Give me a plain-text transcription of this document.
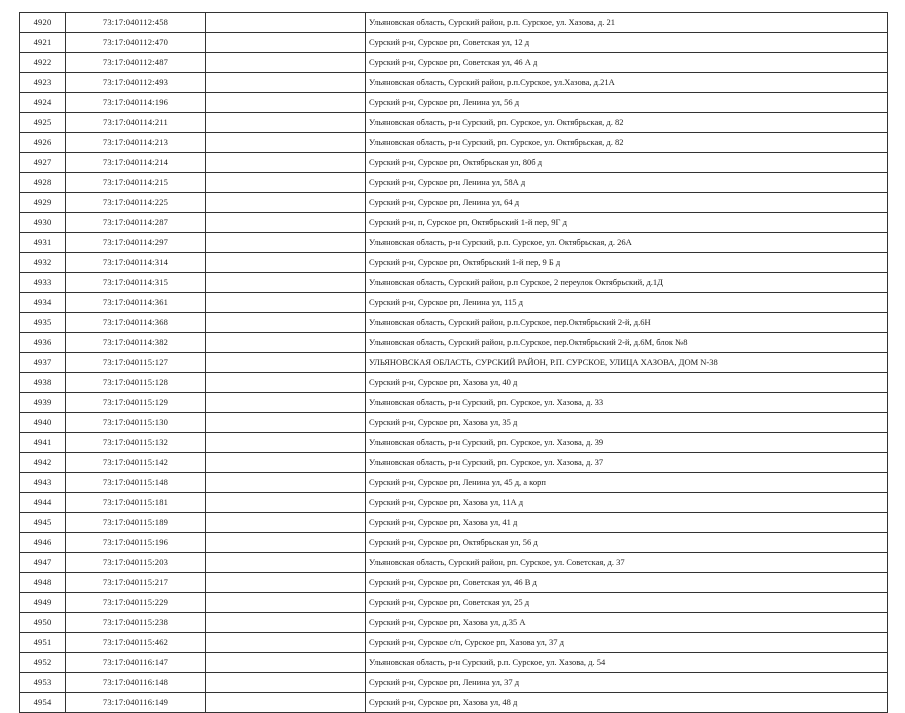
4920	73:17:040112:458		Ульяновская область, Сурский район, р.п. Сурское, ул. Хазова, д. 21
4921	73:17:040112:470		Сурский р-н, Сурское рп, Советская ул, 12 д
4922	73:17:040112:487		Сурский р-н, Сурское рп, Советская ул, 46 А д
4923	73:17:040112:493		Ульяновская область, Сурский район, р.п.Сурское, ул.Хазова, д.21А
4924	73:17:040114:196		Сурский р-н, Сурское рп, Ленина ул, 56 д
4925	73:17:040114:211		Ульяновская область, р-н Сурский, рп. Сурское, ул. Октябрьская, д. 82
4926	73:17:040114:213		Ульяновская область, р-н Сурский, рп. Сурское, ул. Октябрьская, д. 82
4927	73:17:040114:214		Сурский р-н, Сурское рп, Октябрьская ул, 80б д
4928	73:17:040114:215		Сурский р-н, Сурское рп, Ленина ул, 58А д
4929	73:17:040114:225		Сурский р-н, Сурское рп, Ленина ул, 64 д
4930	73:17:040114:287		Сурский р-н, п, Сурское рп, Октябрьский 1-й пер, 9Г д
4931	73:17:040114:297		Ульяновская область, р-н Сурский, р.п. Сурское, ул. Октябрьская, д. 26А
4932	73:17:040114:314		Сурский р-н, Сурское рп, Октябрьский 1-й пер, 9 Б д
4933	73:17:040114:315		Ульяновская область, Сурский район, р.п Сурское, 2 переулок Октябрьский, д.1Д
4934	73:17:040114:361		Сурский р-н, Сурское рп, Ленина ул, 115 д
4935	73:17:040114:368		Ульяновская область, Сурский район, р.п.Сурское, пер.Октябрьский 2-й, д.6Н
4936	73:17:040114:382		Ульяновская область, Сурский район, р.п.Сурское, пер.Октябрьский 2-й, д.6М, блок №8
4937	73:17:040115:127		УЛЬЯНОВСКАЯ ОБЛАСТЬ, СУРСКИЙ РАЙОН, Р.П. СУРСКОЕ, УЛИЦА ХАЗОВА, ДОМ N-38
4938	73:17:040115:128		Сурский р-н, Сурское рп, Хазова ул, 40 д
4939	73:17:040115:129		Ульяновская область, р-н Сурский, рп. Сурское, ул. Хазова, д. 33
4940	73:17:040115:130		Сурский р-н, Сурское рп, Хазова ул, 35 д
4941	73:17:040115:132		Ульяновская область, р-н Сурский, рп. Сурское, ул. Хазова, д. 39
4942	73:17:040115:142		Ульяновская область, р-н Сурский, рп. Сурское, ул. Хазова, д. 37
4943	73:17:040115:148		Сурский р-н, Сурское рп, Ленина ул, 45 д, а корп
4944	73:17:040115:181		Сурский р-н, Сурское рп, Хазова ул, 11А д
4945	73:17:040115:189		Сурский р-н, Сурское рп, Хазова ул, 41 д
4946	73:17:040115:196		Сурский р-н, Сурское рп, Октябрьская ул, 56 д
4947	73:17:040115:203		Ульяновская область, Сурский район, рп. Сурское, ул. Советская, д. 37
4948	73:17:040115:217		Сурский р-н, Сурское рп, Советская ул, 46 В д
4949	73:17:040115:229		Сурский р-н, Сурское рп, Советская ул, 25 д
4950	73:17:040115:238		Сурский р-н, Сурское рп, Хазова ул, д.35 А
4951	73:17:040115:462		Сурский р-н, Сурское с/п, Сурское рп, Хазова ул, 37 д
4952	73:17:040116:147		Ульяновская область, р-н Сурский, р.п. Сурское, ул. Хазова, д. 54
4953	73:17:040116:148		Сурский р-н, Сурское рп, Ленина ул, 37 д
4954	73:17:040116:149		Сурский р-н, Сурское рп, Хазова ул, 48 д
